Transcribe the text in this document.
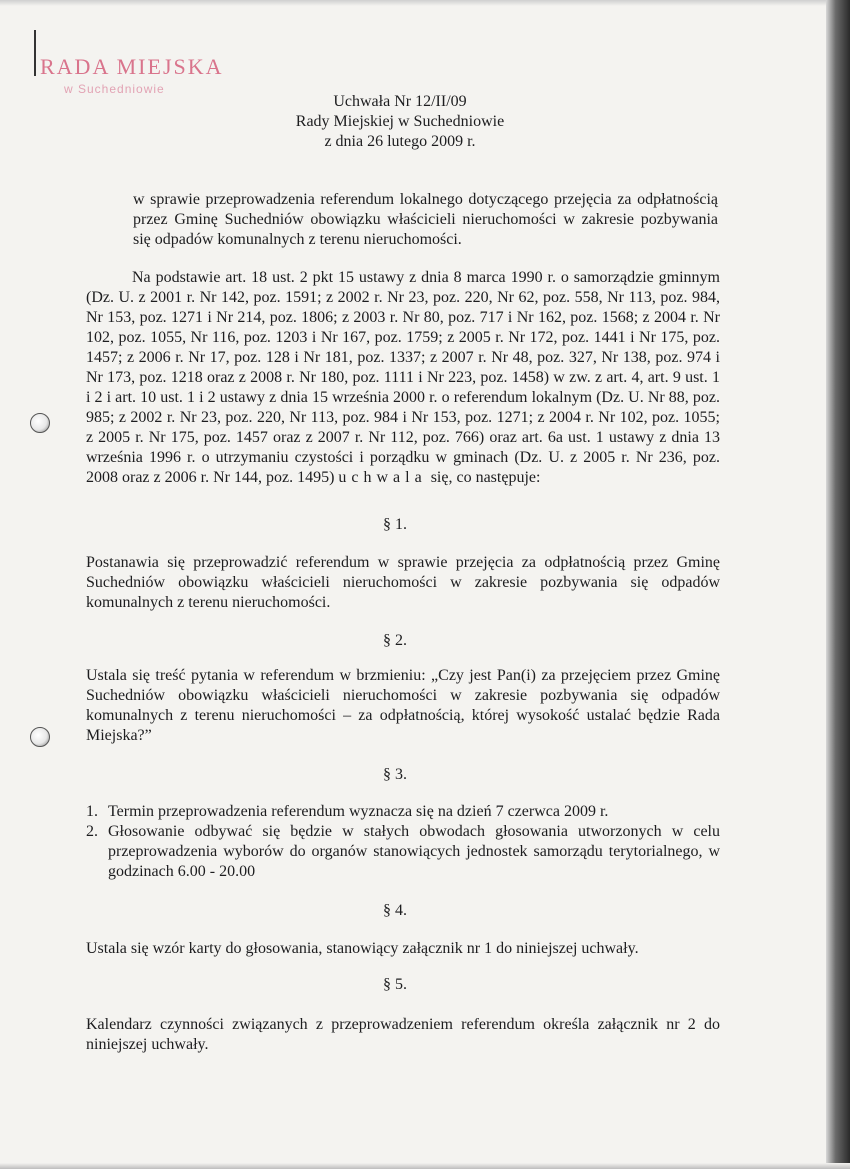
RADA MIEJSKA
w Suchedniowie
Uchwała Nr 12/II/09
Rady Miejskiej w Suchedniowie
z dnia 26 lutego 2009 r.
w sprawie przeprowadzenia referendum lokalnego dotyczącego przejęcia za odpłatnością przez Gminę Suchedniów obowiązku właścicieli nieruchomości w zakresie pozbywania się odpadów komunalnych z terenu nieruchomości.
Na podstawie art. 18 ust. 2 pkt 15 ustawy z dnia 8 marca 1990 r. o samorządzie gminnym (Dz. U. z 2001 r. Nr 142, poz. 1591; z 2002 r. Nr 23, poz. 220, Nr 62, poz. 558, Nr 113, poz. 984, Nr 153, poz. 1271 i Nr 214, poz. 1806; z 2003 r. Nr 80, poz. 717 i Nr 162, poz. 1568; z 2004 r. Nr 102, poz. 1055, Nr 116, poz. 1203 i Nr 167, poz. 1759; z 2005 r. Nr 172, poz. 1441 i Nr 175, poz. 1457; z 2006 r. Nr 17, poz. 128 i Nr 181, poz. 1337; z 2007 r. Nr 48, poz. 327, Nr 138, poz. 974 i Nr 173, poz. 1218 oraz z 2008 r. Nr 180, poz. 1111 i Nr 223, poz. 1458) w zw. z art. 4, art. 9 ust. 1 i 2 i art. 10 ust. 1 i 2 ustawy z dnia 15 września 2000 r. o referendum lokalnym (Dz. U. Nr 88, poz. 985; z 2002 r. Nr 23, poz. 220, Nr 113, poz. 984 i Nr 153, poz. 1271; z 2004 r. Nr 102, poz. 1055; z 2005 r. Nr 175, poz. 1457 oraz z 2007 r. Nr 112, poz. 766) oraz art. 6a ust. 1 ustawy z dnia 13 września 1996 r. o utrzymaniu czystości i porządku w gminach (Dz. U. z 2005 r. Nr 236, poz. 2008 oraz z 2006 r. Nr 144, poz. 1495) uchwala się, co następuje:
§ 1.
Postanawia się przeprowadzić referendum w sprawie przejęcia za odpłatnością przez Gminę Suchedniów obowiązku właścicieli nieruchomości w zakresie pozbywania się odpadów komunalnych z terenu nieruchomości.
§ 2.
Ustala się treść pytania w referendum w brzmieniu: „Czy jest Pan(i) za przejęciem przez Gminę Suchedniów obowiązku właścicieli nieruchomości w zakresie pozbywania się odpadów komunalnych z terenu nieruchomości – za odpłatnością, której wysokość ustalać będzie Rada Miejska?”
§ 3.
1. Termin przeprowadzenia referendum wyznacza się na dzień 7 czerwca 2009 r.
2. Głosowanie odbywać się będzie w stałych obwodach głosowania utworzonych w celu przeprowadzenia wyborów do organów stanowiących jednostek samorządu terytorialnego, w godzinach 6.00 - 20.00
§ 4.
Ustala się wzór karty do głosowania, stanowiący załącznik nr 1 do niniejszej uchwały.
§ 5.
Kalendarz czynności związanych z przeprowadzeniem referendum określa załącznik nr 2 do niniejszej uchwały.
